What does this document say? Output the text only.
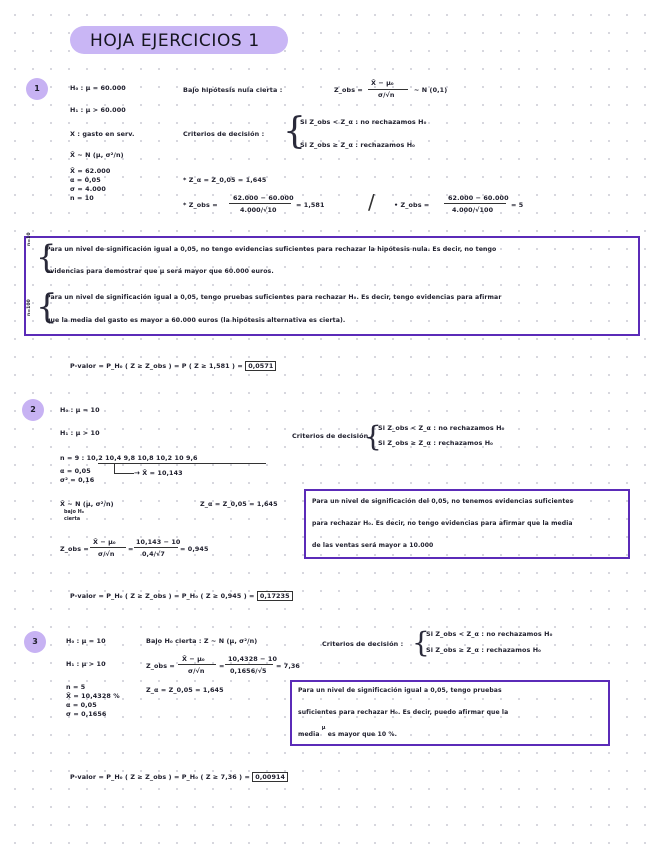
HOJA EJERCICIOS 1
1	H₀ : μ = 60.000
H₁ : μ > 60.000
X : gasto en serv.
X̄ ∼ N (μ, σ²/n)
X̄ = 62.000
α = 0,05
σ = 4.000
n = 10
Bajo hipótesis nula cierta :	Z_obs =
X̄ − μ₀
σ/√n
∼ N (0,1)
Criterios de decisión : {
Si Z_obs < Z_α : no rechazamos H₀
Si Z_obs ≥ Z_α : rechazamos H₀
* Z_α = Z_0,05 = 1,645
* Z_obs =
62.000 − 60.000
4.000/√10
= 1,581 /	• Z_obs =
62.000 − 60.000
4.000/√100
= 5
n=10 {
Para un nivel de significación igual a 0,05, no tengo evidencias suficientes para rechazar la hipótesis nula. Es decir, no tengo
evidencias para demostrar que μ será mayor que 60.000 euros.
n=100 {
Para un nivel de significación igual a 0,05, tengo pruebas suficientes para rechazar H₀. Es decir, tengo evidencias para afirmar
que la media del gasto es mayor a 60.000 euros (la hipótesis alternativa es cierta).
P-valor = P_H₀ ( Z ≥ Z_obs ) = P ( Z ≥ 1,581 ) = 0,0571
2	H₀ : μ = 10
H₁ : μ > 10
n = 9 : 10,2 10,4 9,8 10,8 10,2 10 9,6
→ X̄ = 10,143
α = 0,05
σ² = 0,16
X̄ ∼ N (μ, σ²/n)
bajo H₀
cierta
Z_obs =
X̄ − μ₀
σ/√n
=
10,143 − 10
0,4/√7
= 0,945
Z_α = Z_0,05 = 1,645
Criterios de decisión :
{
Si Z_obs < Z_α : no rechazamos H₀
Si Z_obs ≥ Z_α : rechazamos H₀
Para un nivel de significación del 0,05, no tenemos evidencias suficientes
para rechazar H₀. Es decir, no tengo evidencias para afirmar que la media
de las ventas será mayor a 10.000
P-valor = P_H₀ ( Z ≥ Z_obs ) = P_H₀ ( Z ≥ 0,945 ) = 0,17235
3	H₀ : μ = 10
H₁ : μ > 10
n = 5
X̄ = 10,4328 %
α = 0,05
σ = 0,1656
Bajo H₀ cierta : Z ∼ N (μ, σ²/n)
Z_obs =
X̄ − μ₀
σ/√n
=
10,4328 − 10
0,1656/√5
= 7,36
Z_α = Z_0,05 = 1,645
Criterios de decisión : {
Si Z_obs < Z_α : no rechazamos H₀
Si Z_obs ≥ Z_α : rechazamos H₀
Para un nivel de significación igual a 0,05, tengo pruebas
suficientes para rechazar H₀. Es decir, puedo afirmar que la
media $^\mu$ es mayor que 10 %.
P-valor = P_H₀ ( Z ≥ Z_obs ) = P_H₀ ( Z ≥ 7,36 ) = 0,00914
